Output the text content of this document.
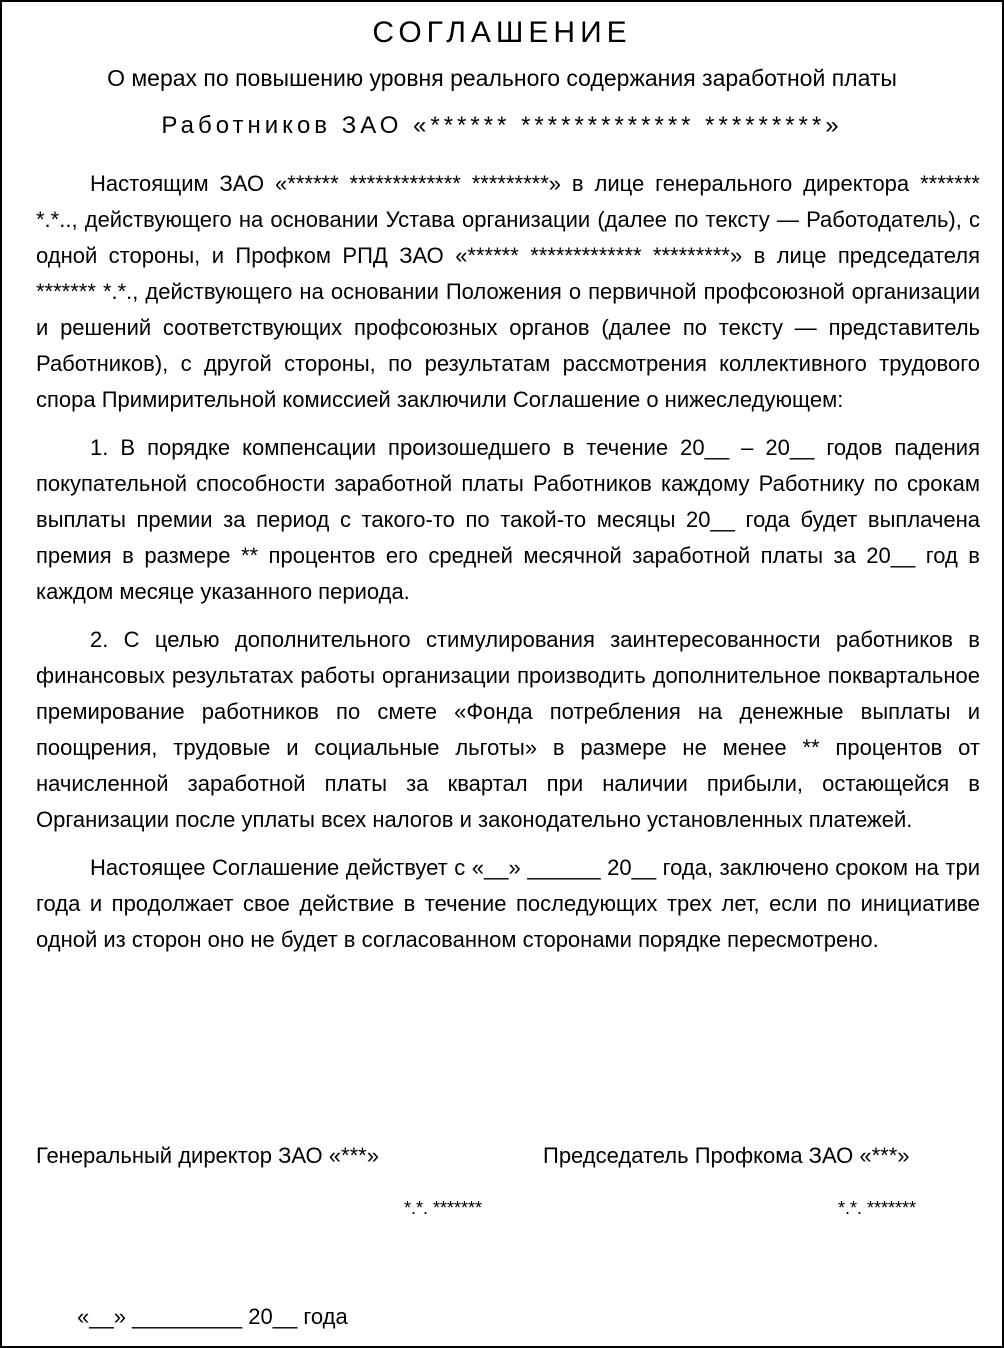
СОГЛАШЕНИЕ
О мерах по повышению уровня реального содержания заработной платы
Работников ЗАО «****** ************* *********»

Настоящим ЗАО «****** ************* *********» в лице генерального директора ******* *.*.., действующего на основании Устава организации (далее по тексту — Работодатель), с одной стороны, и Профком РПД ЗАО «****** ************* *********» в лице председателя ******* *.*., действующего на основании Положения о первичной профсоюзной организации и решений соответствующих профсоюзных органов (далее по тексту — представитель Работников), с другой стороны, по результатам рассмотрения коллективного трудового спора Примирительной комиссией заключили Соглашение о нижеследующем:

1. В порядке компенсации произошедшего в течение 20__ – 20__ годов падения покупательной способности заработной платы Работников каждому Работнику по срокам выплаты премии за период с такого-то по такой-то месяцы 20__ года будет выплачена премия в размере ** процентов его средней месячной заработной платы за 20__ год в каждом месяце указанного периода.

2. С целью дополнительного стимулирования заинтересованности работников в финансовых результатах работы организации производить дополнительное поквартальное премирование работников по смете «Фонда потребления на денежные выплаты и поощрения, трудовые и социальные льготы» в размере не менее ** процентов от начисленной заработной платы за квартал при наличии прибыли, остающейся в Организации после уплаты всех налогов и законодательно установленных платежей.

Настоящее Соглашение действует с «__» ______ 20__ года, заключено сроком на три года и продолжает свое действие в течение последующих трех лет, если по инициативе одной из сторон оно не будет в согласованном сторонами порядке пересмотрено.

Генеральный директор ЗАО «***»	Председатель Профкома ЗАО «***»
*.*. *******	*.*. *******
«__» _________ 20__ года
